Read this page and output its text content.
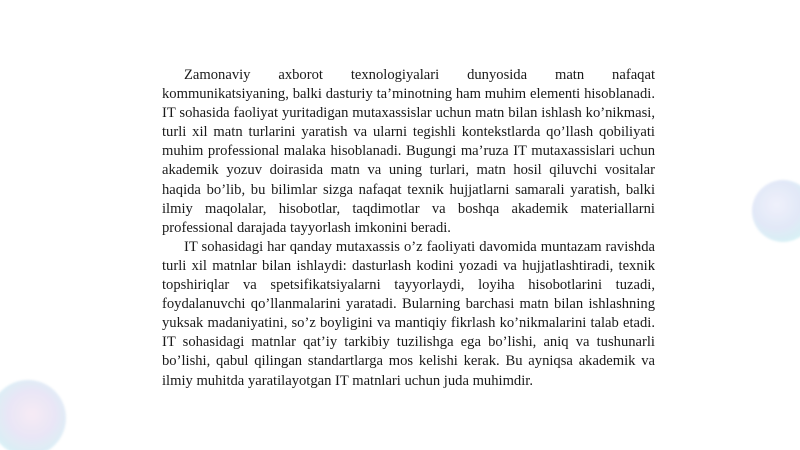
Zamonaviy axborot texnologiyalari dunyosida matn nafaqat kommunikatsiyaning, balki dasturiy ta’minotning ham muhim elementi hisoblanadi. IT sohasida faoliyat yuritadigan mutaxassislar uchun matn bilan ishlash ko’nikmasi, turli xil matn turlarini yaratish va ularni tegishli kontekstlarda qo’llash qobiliyati muhim professional malaka hisoblanadi. Bugungi ma’ruza IT mutaxassislari uchun akademik yozuv doirasida matn va uning turlari, matn hosil qiluvchi vositalar haqida bo’lib, bu bilimlar sizga nafaqat texnik hujjatlarni samarali yaratish, balki ilmiy maqolalar, hisobotlar, taqdimotlar va boshqa akademik materiallarni professional darajada tayyorlash imkonini beradi.

IT sohasidagi har qanday mutaxassis o’z faoliyati davomida muntazam ravishda turli xil matnlar bilan ishlaydi: dasturlash kodini yozadi va hujjatlashtiradi, texnik topshiriqlar va spetsifikatsiyalarni tayyorlaydi, loyiha hisobotlarini tuzadi, foydalanuvchi qo’llanmalarini yaratadi. Bularning barchasi matn bilan ishlashning yuksak madaniyatini, so’z boyligini va mantiqiy fikrlash ko’nikmalarini talab etadi. IT sohasidagi matnlar qat’iy tarkibiy tuzilishga ega bo’lishi, aniq va tushunarli bo’lishi, qabul qilingan standartlarga mos kelishi kerak. Bu ayniqsa akademik va ilmiy muhitda yaratilayotgan IT matnlari uchun juda muhimdir.
